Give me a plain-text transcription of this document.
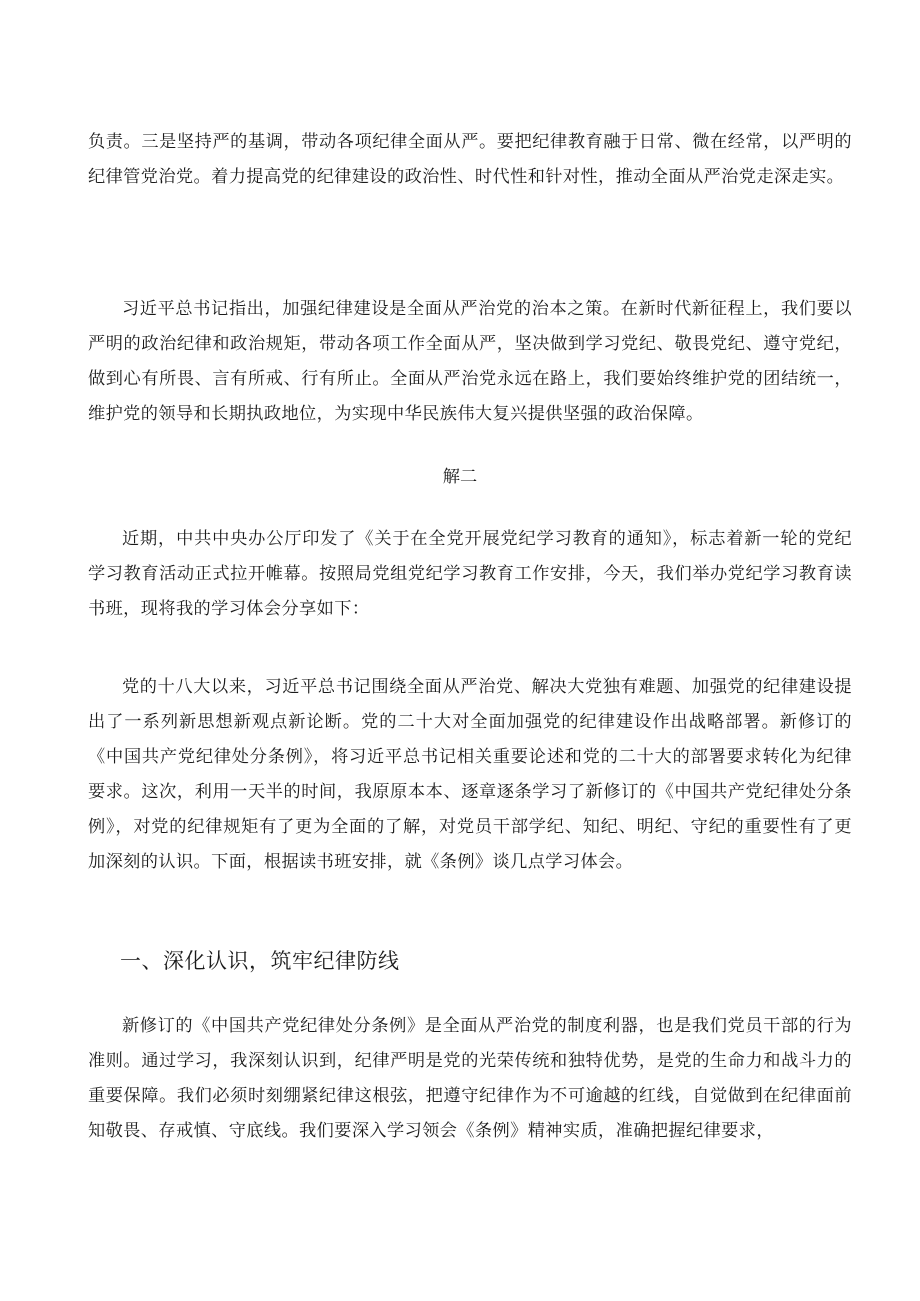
负责。三是坚持严的基调，带动各项纪律全面从严。要把纪律教育融于日常、微在经常，以严明的纪律管党治党。着力提高党的纪律建设的政治性、时代性和针对性，推动全面从严治党走深走实。

习近平总书记指出，加强纪律建设是全面从严治党的治本之策。在新时代新征程上，我们要以严明的政治纪律和政治规矩，带动各项工作全面从严，坚决做到学习党纪、敬畏党纪、遵守党纪，做到心有所畏、言有所戒、行有所止。全面从严治党永远在路上，我们要始终维护党的团结统一，维护党的领导和长期执政地位，为实现中华民族伟大复兴提供坚强的政治保障。

解二

近期，中共中央办公厅印发了《关于在全党开展党纪学习教育的通知》，标志着新一轮的党纪学习教育活动正式拉开帷幕。按照局党组党纪学习教育工作安排，今天，我们举办党纪学习教育读书班，现将我的学习体会分享如下：

党的十八大以来，习近平总书记围绕全面从严治党、解决大党独有难题、加强党的纪律建设提出了一系列新思想新观点新论断。党的二十大对全面加强党的纪律建设作出战略部署。新修订的《中国共产党纪律处分条例》，将习近平总书记相关重要论述和党的二十大的部署要求转化为纪律要求。这次，利用一天半的时间，我原原本本、逐章逐条学习了新修订的《中国共产党纪律处分条例》，对党的纪律规矩有了更为全面的了解，对党员干部学纪、知纪、明纪、守纪的重要性有了更加深刻的认识。下面，根据读书班安排，就《条例》谈几点学习体会。

一、深化认识，筑牢纪律防线

新修订的《中国共产党纪律处分条例》是全面从严治党的制度利器，也是我们党员干部的行为准则。通过学习，我深刻认识到，纪律严明是党的光荣传统和独特优势，是党的生命力和战斗力的重要保障。我们必须时刻绷紧纪律这根弦，把遵守纪律作为不可逾越的红线，自觉做到在纪律面前知敬畏、存戒慎、守底线。我们要深入学习领会《条例》精神实质，准确把握纪律要求，
